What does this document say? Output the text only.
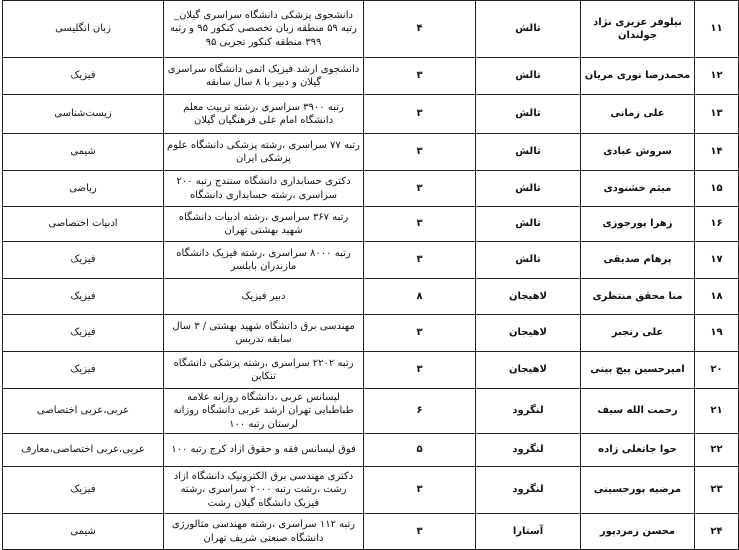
۱۱	نیلوفر عزیزی نژاد جولندان	تالش	۴	دانشجوی پزشکی دانشگاه سراسری گیلان_ رتبه ۵۹ منطقه زبان تخصصی کنکور ۹۵ و رتبه ۳۹۹ منطقه کنکور تجربی ۹۵	زبان انگلیسی
۱۲	محمدرضا نوری مریان	تالش	۳	دانشجوی ارشد فیزیک اتمی دانشگاه سراسری گیلان و دبیر با ۸ سال سابقه	فیزیک
۱۳	علی زمانی	تالش	۳	رتبه ۳۹۰۰ سراسری ،رشته تربیت معلم دانشگاه امام علی فرهنگیان گیلان	زیست‌شناسی
۱۴	سروش عبادی	تالش	۳	رتبه ۷۷ سراسری ،رشته پزشکی دانشگاه علوم پزشکی ایران	شیمی
۱۵	میثم خشنودی	تالش	۳	دکتری حسابداری دانشگاه سنندج رتبه ۲۰۰ سراسری ،رشته حسابداری دانشگاه	ریاضی
۱۶	زهرا پورجوزی	تالش	۳	رتبه ۳۶۷ سراسری ،رشته ادبیات دانشگاه شهید بهشتی تهران	ادبیات اختصاصی
۱۷	پرهام صدیقی	تالش	۳	رتبه ۸۰۰۰ سراسری ،رشته فیزیک دانشگاه مازندران بابلسر	فیزیک
۱۸	منا محقق منتظری	لاهیجان	۸	دبیر فیزیک	فیزیک
۱۹	علی رنجبر	لاهیجان	۳	مهندسی برق دانشگاه شهید بهشتی / ۳ سال سابقه تدریس	فیزیک
۲۰	امیرحسین پیچ بینی	لاهیجان	۳	رتبه ۲۲۰۲ سراسری ،رشته پزشکی دانشگاه تنکابن	فیزیک
۲۱	رحمت الله سیف	لنگرود	۶	لیسانس عربی ،دانشگاه روزانه علامه طباطبایی تهران ارشد عربی دانشگاه روزانه لرستان رتبه ۱۰۰	عربی،عربی اختصاصی
۲۲	حوا جاتعلی زاده	لنگرود	۵	فوق لیسانس فقه و حقوق ازاد کرج رتبه ۱۰۰	عربی،عربی اختصاصی،معارف
۲۳	مرضیه پورحسینی	لنگرود	۳	دکتری مهندسی برق الکترونیک دانشگاه ازاد رشت ،رشت رتبه ۲۰۰۰ سراسری ،رشته فیزیک دانشگاه گیلان رشت	فیزیک
۲۴	محسن زمردپور	آستارا	۳	رتبه ۱۱۲ سراسری ،رشته مهندسی متالورژی دانشگاه صنعتی شریف تهران	شیمی
